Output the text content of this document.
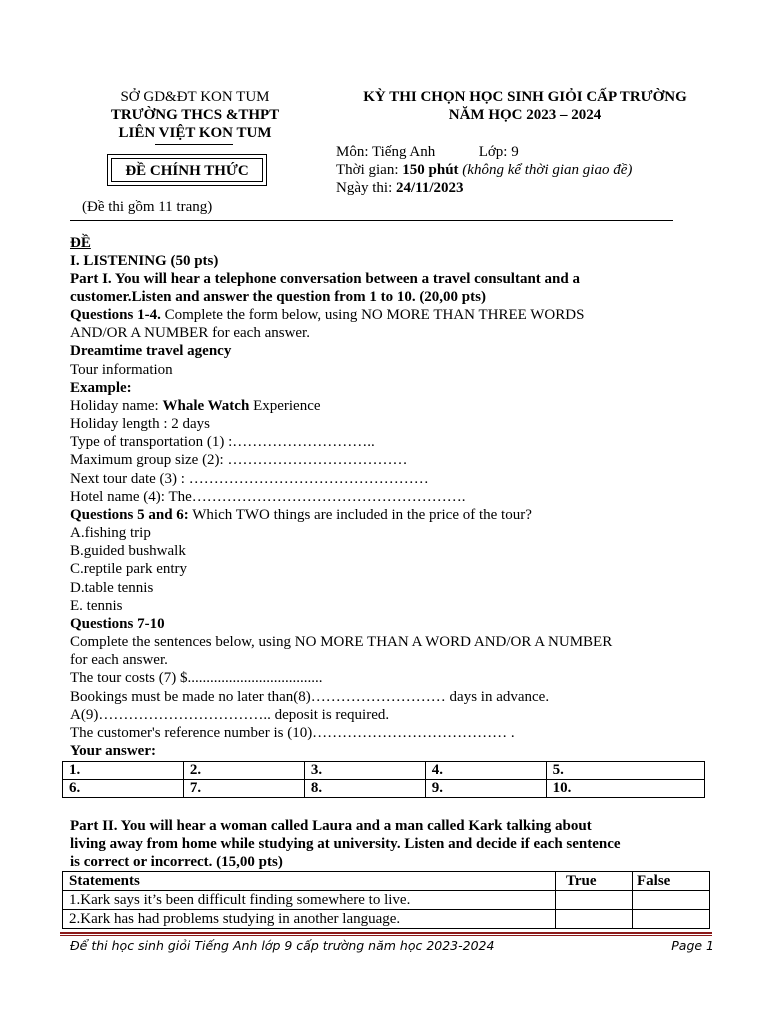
SỞ GD&ĐT KON TUM
TRƯỜNG THCS &THPT
LIÊN VIỆT KON TUM
ĐỀ CHÍNH THỨC
(Đề thi gồm 11 trang)
KỲ THI CHỌN HỌC SINH GIỎI CẤP TRƯỜNG
NĂM HỌC 2023 – 2024
Môn: Tiếng Anh	Lớp: 9
Thời gian: 150 phút (không kể thời gian giao đề)
Ngày thi: 24/11/2023
ĐỀ
I. LISTENING (50 pts)
Part I. You will hear a telephone conversation between a travel consultant and a
customer.Listen and answer the question from 1 to 10. (20,00 pts)
Questions 1-4. Complete the form below, using NO MORE THAN THREE WORDS
AND/OR A NUMBER for each answer.
Dreamtime travel agency
Tour information
Example:
Holiday name: Whale Watch Experience
Holiday length : 2 days
Type of transportation (1) :………………………..
Maximum group size (2): ………………………………
Next tour date (3) : …………………………………………
Hotel name (4): The……………………………………………….
Questions 5 and 6: Which TWO things are included in the price of the tour?
A.fishing trip
B.guided bushwalk
C.reptile park entry
D.table tennis
E. tennis
Questions 7-10
Complete the sentences below, using NO MORE THAN A WORD AND/OR A NUMBER
for each answer.
The tour costs (7) $....................................
Bookings must be made no later than(8)……………………… days in advance.
A(9)…………………………….. deposit is required.
The customer's reference number is (10)………………………………… .
Your answer:
1.	2.	3.	4.	5.
6.	7.	8.	9.	10.
Part II. You will hear a woman called Laura and a man called Kark talking about
living away from home while studying at university. Listen and decide if each sentence
is correct or incorrect. (15,00 pts)
Statements	True	False
1.Kark says it’s been difficult finding somewhere to live.		
2.Kark has had problems studying in another language.		
Để thi học sinh giỏi Tiếng Anh lớp 9 cấp trường năm học 2023-2024	Page 1
